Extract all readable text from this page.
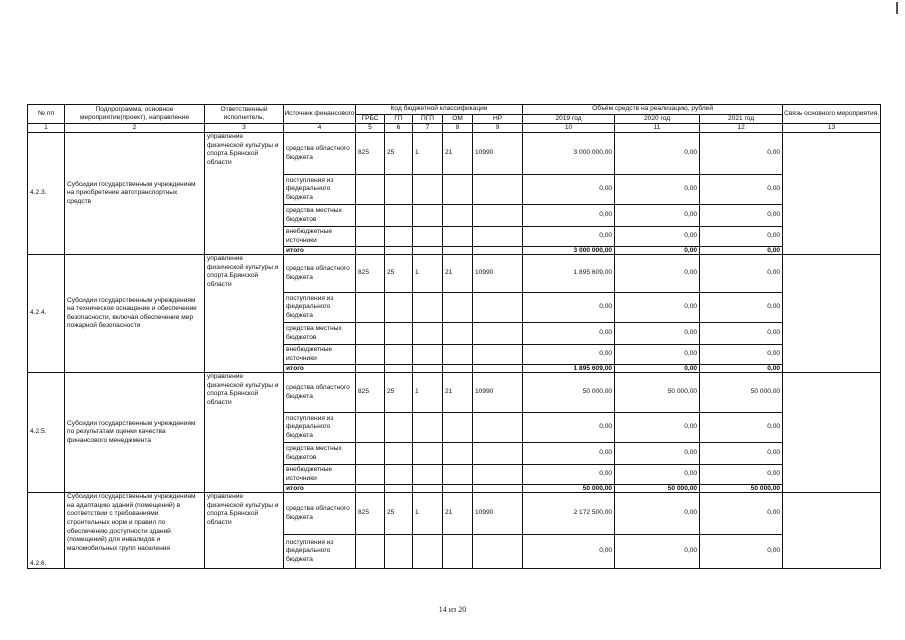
№ пп	Подпрограмма, основное мероприятие(проект), направление	Ответственный исполнитель,	Источник финансового	Код бюджетной классификации					Объём средств на реализацию, рублей			Связь основного мероприятия,
				ГРБС	ГП	ПГП	ОМ	НР	2019 год	2020 год	2021 год	
1	2	3	4	5	6	7	8	9	10	11	12	13
4.2.3.	Субсидии государственным учреждениям на приобретение автотранспортных средств	управление физической культуры и спорта Брянской области	средства областного бюджета	825	25	1	21	10990	3 000 000,00	0,00	0,00	
			поступления из федерального бюджета						0,00	0,00	0,00	
			средства местных бюджетов						0,00	0,00	0,00	
			внебюджетные источники						0,00	0,00	0,00	
			итого						3 000 000,00	0,00	0,00	
4.2.4.	Субсидии государственным учреждениям на техническое оснащение и обеспечение безопасности, включая обеспечение мер пожарной безопасности	управление физической культуры и спорта Брянской области	средства областного бюджета	825	25	1	21	10990	1 895 609,00	0,00	0,00	
			поступления из федерального бюджета						0,00	0,00	0,00	
			средства местных бюджетов						0,00	0,00	0,00	
			внебюджетные источники						0,00	0,00	0,00	
			итого						1 895 609,00	0,00	0,00	
4.2.5.	Субсидии государственным учреждениям по результатам оценки качества финансового менеджмента	управление физической культуры и спорта Брянской области	средства областного бюджета	825	25	1	21	10990	50 000,00	50 000,00	50 000,00	
			поступления из федерального бюджета						0,00	0,00	0,00	
			средства местных бюджетов						0,00	0,00	0,00	
			внебюджетные источники						0,00	0,00	0,00	
			итого						50 000,00	50 000,00	50 000,00	
4.2.6.	Субсидии государственным учреждениям на адаптацию зданий (помещений) в соответствии с требованиями строительных норм и правил по обеспечению доступности зданий (помещений) для инвалидов и маломобильных групп населения	управление физической культуры и спорта Брянской области	средства областного бюджета	825	25	1	21	10990	2 172 500,00	0,00	0,00	
			поступления из федерального бюджета						0,00	0,00	0,00	
14 из 20
